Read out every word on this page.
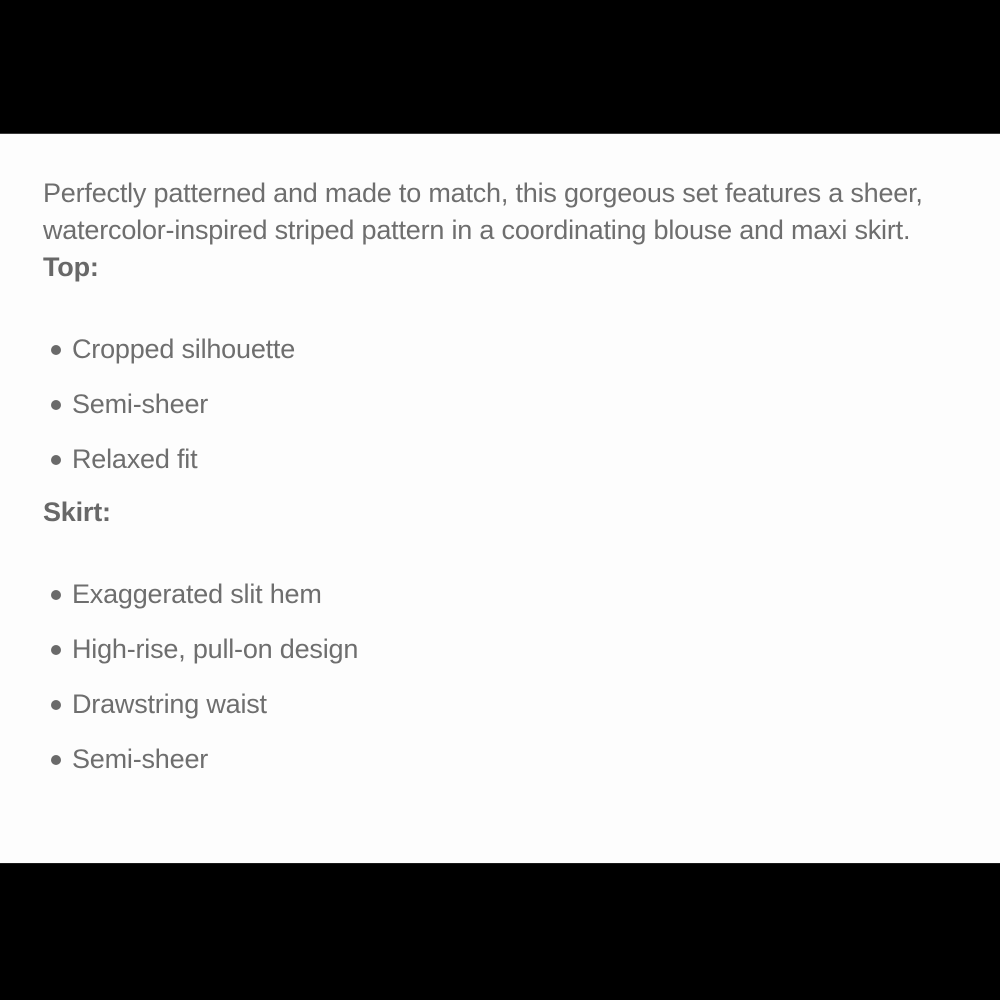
Perfectly patterned and made to match, this gorgeous set features a sheer, watercolor-inspired striped pattern in a coordinating blouse and maxi skirt.

Top:
Cropped silhouette
Semi-sheer
Relaxed fit
Skirt:
Exaggerated slit hem
High-rise, pull-on design
Drawstring waist
Semi-sheer
